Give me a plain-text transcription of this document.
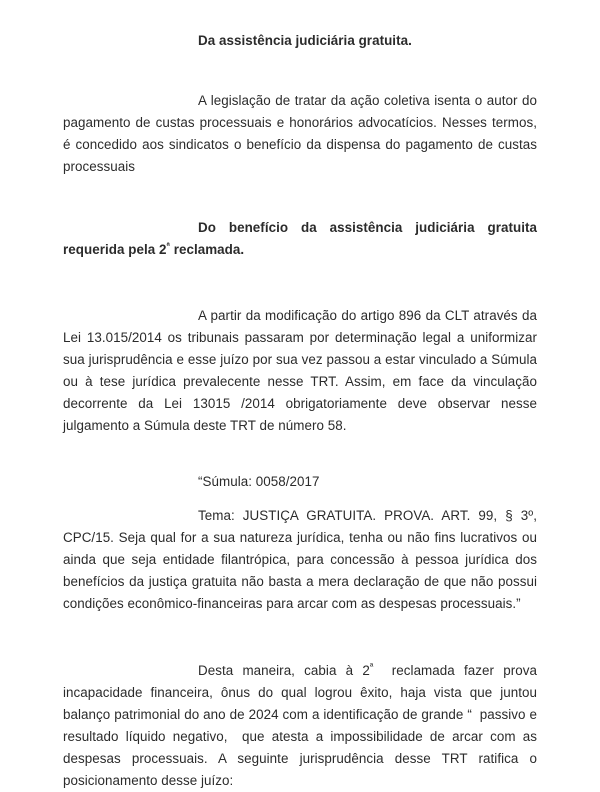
Da assistência judiciária gratuita.

A legislação de tratar da ação coletiva isenta o autor do pagamento de custas processuais e honorários advocatícios. Nesses termos, é concedido aos sindicatos o benefício da dispensa do pagamento de custas processuais

Do benefício da assistência judiciária gratuita requerida pela $2^ª$ reclamada.

A partir da modificação do artigo 896 da CLT através da Lei 13.015/2014 os tribunais passaram por determinação legal a uniformizar sua jurisprudência e esse juízo por sua vez passou a estar vinculado a Súmula ou à tese jurídica prevalecente nesse TRT. Assim, em face da vinculação decorrente da Lei 13015 /2014 obrigatoriamente deve observar nesse julgamento a Súmula deste TRT de número 58.

“Súmula: 0058/2017

Tema: JUSTIÇA GRATUITA. PROVA. ART. 99, § 3º, CPC/15. Seja qual for a sua natureza jurídica, tenha ou não fins lucrativos ou ainda que seja entidade filantrópica, para concessão à pessoa jurídica dos benefícios da justiça gratuita não basta a mera declaração de que não possui condições econômico-financeiras para arcar com as despesas processuais.”

Desta maneira, cabia à $2^ª$  reclamada fazer prova incapacidade financeira, ônus do qual logrou êxito, haja vista que juntou balanço patrimonial do ano de 2024 com a identificação de grande “  passivo e resultado líquido negativo,  que atesta a impossibilidade de arcar com as despesas processuais. A seguinte jurisprudência desse TRT ratifica o posicionamento desse juízo:
